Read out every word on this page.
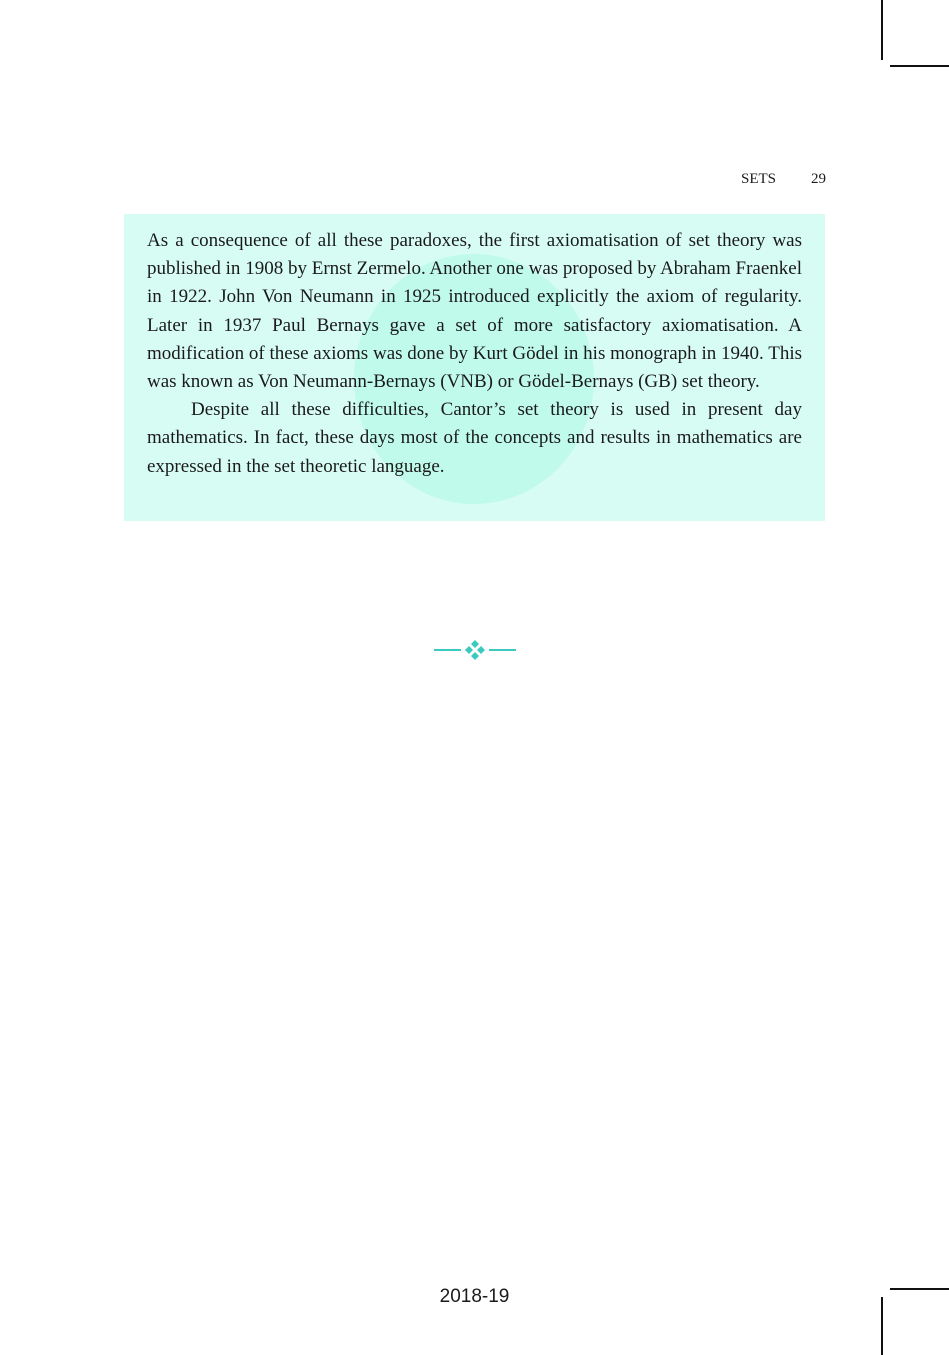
SETS 29

As a consequence of all these paradoxes, the first axiomatisation of set theory was published in 1908 by Ernst Zermelo. Another one was proposed by Abraham Fraenkel in 1922. John Von Neumann in 1925 introduced explicitly the axiom of regularity. Later in 1937 Paul Bernays gave a set of more satisfactory axiomatisation. A modification of these axioms was done by Kurt Gödel in his monograph in 1940. This was known as Von Neumann-Bernays (VNB) or Gödel-Bernays (GB) set theory.

Despite all these difficulties, Cantor’s set theory is used in present day mathematics. In fact, these days most of the concepts and results in mathematics are expressed in the set theoretic language.

2018-19
